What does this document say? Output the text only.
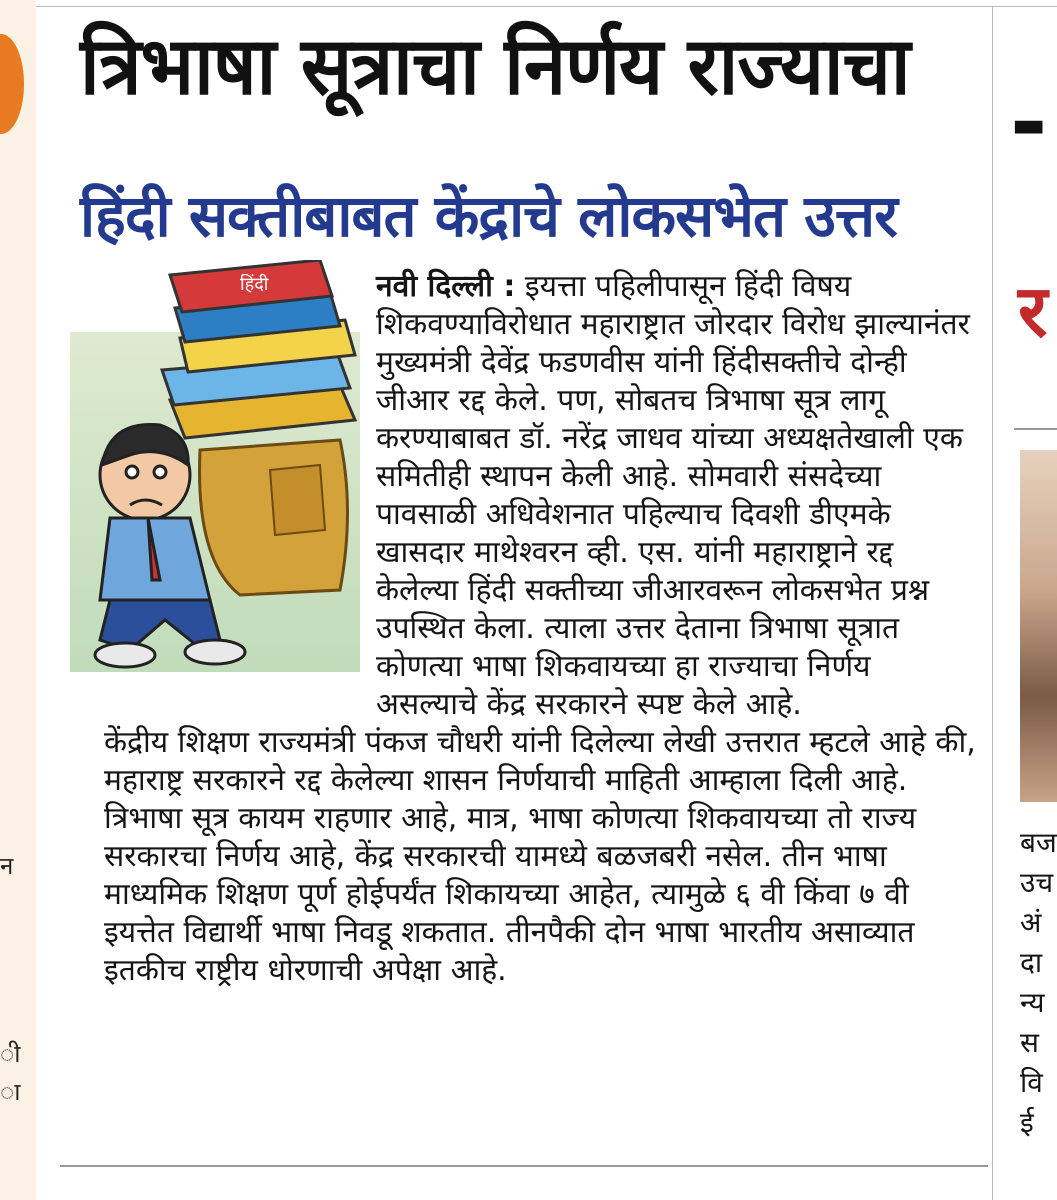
न
ी
ा
त्रिभाषा सूत्राचा निर्णय राज्याचा
हिंदी सक्तीबाबत केंद्राचे लोकसभेत उत्तर
हिंदी	नवी दिल्ली : इयत्ता पहिलीपासून हिंदी विषय शिकवण्याविरोधात महाराष्ट्रात जोरदार विरोध झाल्यानंतर मुख्यमंत्री देवेंद्र फडणवीस यांनी हिंदीसक्तीचे दोन्ही जीआर रद्द केले. पण, सोबतच त्रिभाषा सूत्र लागू करण्याबाबत डॉ. नरेंद्र जाधव यांच्या अध्यक्षतेखाली एक समितीही स्थापन केली आहे. सोमवारी संसदेच्या पावसाळी अधिवेशनात पहिल्याच दिवशी डीएमके खासदार माथेश्वरन व्ही. एस. यांनी महाराष्ट्राने रद्द केलेल्या हिंदी सक्तीच्या जीआरवरून लोकसभेत प्रश्न उपस्थित केला. त्याला उत्तर देताना त्रिभाषा सूत्रात कोणत्या भाषा शिकवायच्या हा राज्याचा निर्णय असल्याचे केंद्र सरकारने स्पष्ट केले आहे.

केंद्रीय शिक्षण राज्यमंत्री पंकज चौधरी यांनी दिलेल्या लेखी उत्तरात म्हटले आहे की, महाराष्ट्र सरकारने रद्द केलेल्या शासन निर्णयाची माहिती आम्हाला दिली आहे. त्रिभाषा सूत्र कायम राहणार आहे, मात्र, भाषा कोणत्या शिकवायच्या तो राज्य सरकारचा निर्णय आहे, केंद्र सरकारची यामध्ये बळजबरी नसेल. तीन भाषा माध्यमिक शिक्षण पूर्ण होईपर्यंत शिकायच्या आहेत, त्यामुळे ६ वी किंवा ७ वी इयत्तेत विद्यार्थी भाषा निवडू शकतात. तीनपैकी दोन भाषा भारतीय असाव्यात इतकीच राष्ट्रीय धोरणाची अपेक्षा आहे.

-
र
बज
उच
अं
दा
न्य
स
वि
ई
